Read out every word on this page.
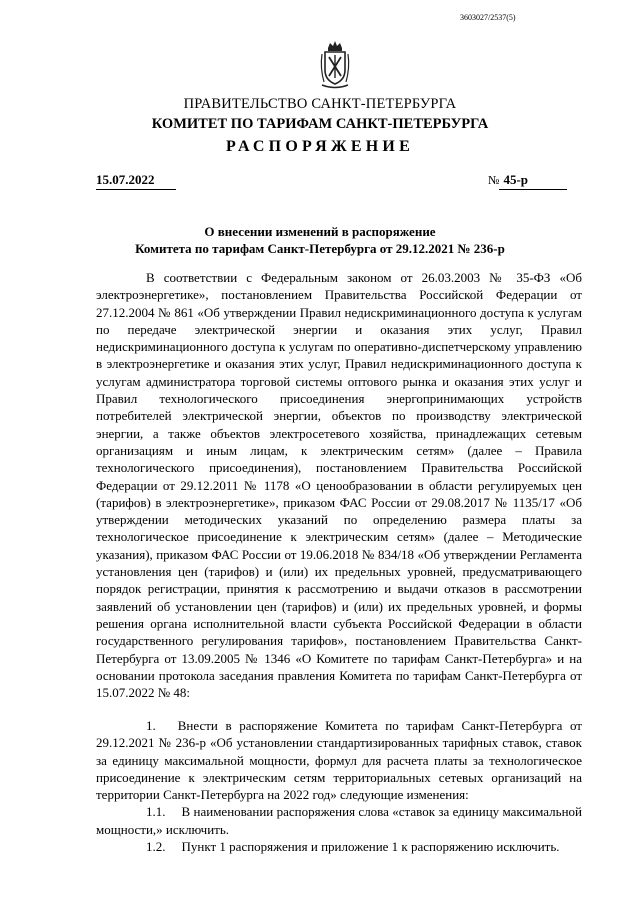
3603027/2537(5)
ПРАВИТЕЛЬСТВО САНКТ-ПЕТЕРБУРГА
КОМИТЕТ ПО ТАРИФАМ САНКТ-ПЕТЕРБУРГА
РАСПОРЯЖЕНИЕ
15.07.2022	№ 45-р
О внесении изменений в распоряжение
Комитета по тарифам Санкт-Петербурга от 29.12.2021 № 236-р

В соответствии с Федеральным законом от 26.03.2003 № 35-ФЗ «Об электроэнергетике», постановлением Правительства Российской Федерации от 27.12.2004 № 861 «Об утверждении Правил недискриминационного доступа к услугам по передаче электрической энергии и оказания этих услуг, Правил недискриминационного доступа к услугам по оперативно-диспетчерскому управлению в электроэнергетике и оказания этих услуг, Правил недискриминационного доступа к услугам администратора торговой системы оптового рынка и оказания этих услуг и Правил технологического присоединения энергопринимающих устройств потребителей электрической энергии, объектов по производству электрической энергии, а также объектов электросетевого хозяйства, принадлежащих сетевым организациям и иным лицам, к электрическим сетям» (далее – Правила технологического присоединения), постановлением Правительства Российской Федерации от 29.12.2011 № 1178 «О ценообразовании в области регулируемых цен (тарифов) в электроэнергетике», приказом ФАС России от 29.08.2017 № 1135/17 «Об утверждении методических указаний по определению размера платы за технологическое присоединение к электрическим сетям» (далее – Методические указания), приказом ФАС России от 19.06.2018 № 834/18 «Об утверждении Регламента установления цен (тарифов) и (или) их предельных уровней, предусматривающего порядок регистрации, принятия к рассмотрению и выдачи отказов в рассмотрении заявлений об установлении цен (тарифов) и (или) их предельных уровней, и формы решения органа исполнительной власти субъекта Российской Федерации в области государственного регулирования тарифов», постановлением Правительства Санкт-Петербурга от 13.09.2005 № 1346 «О Комитете по тарифам Санкт-Петербурга» и на основании протокола заседания правления Комитета по тарифам Санкт-Петербурга от 15.07.2022 № 48:

1. Внести в распоряжение Комитета по тарифам Санкт-Петербурга от 29.12.2021 № 236-р «Об установлении стандартизированных тарифных ставок, ставок за единицу максимальной мощности, формул для расчета платы за технологическое присоединение к электрическим сетям территориальных сетевых организаций на территории Санкт-Петербурга на 2022 год» следующие изменения:

1.1. В наименовании распоряжения слова «ставок за единицу максимальной мощности,» исключить.

1.2. Пункт 1 распоряжения и приложение 1 к распоряжению исключить.
